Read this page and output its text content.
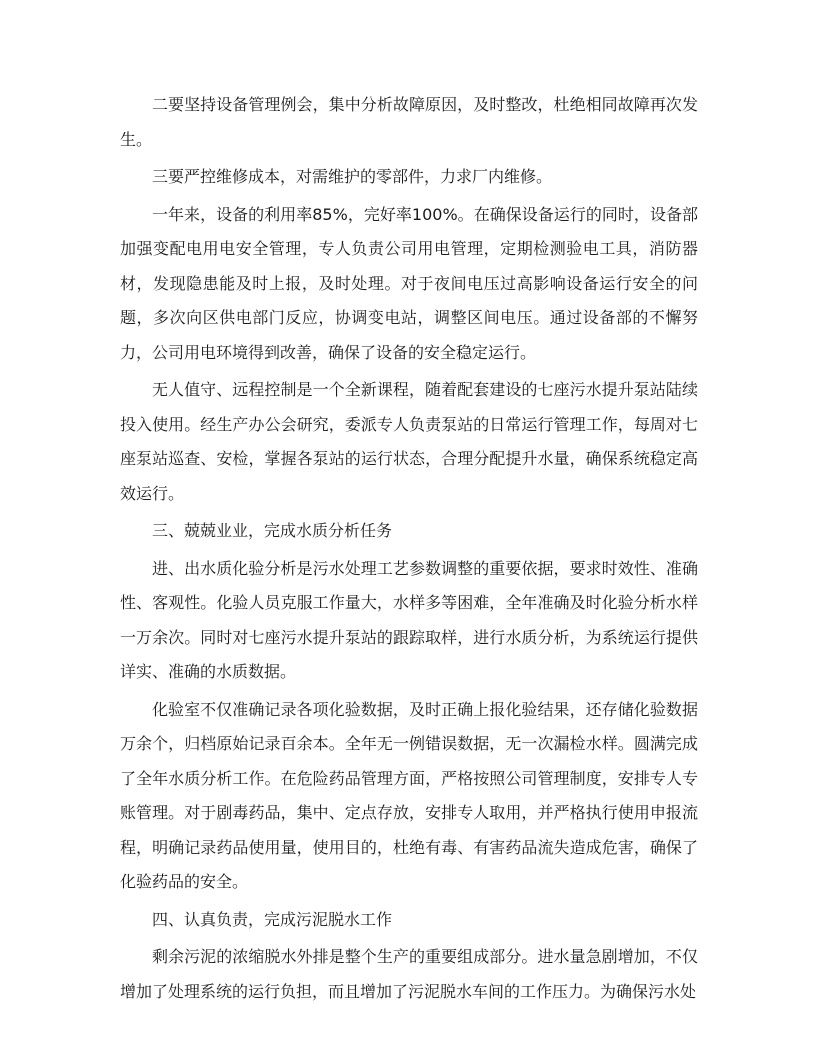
二要坚持设备管理例会，集中分析故障原因，及时整改，杜绝相同故障再次发生。

三要严控维修成本，对需维护的零部件，力求厂内维修。

一年来，设备的利用率85%，完好率100%。在确保设备运行的同时，设备部加强变配电用电安全管理，专人负责公司用电管理，定期检测验电工具，消防器材，发现隐患能及时上报，及时处理。对于夜间电压过高影响设备运行安全的问题，多次向区供电部门反应，协调变电站，调整区间电压。通过设备部的不懈努力，公司用电环境得到改善，确保了设备的安全稳定运行。

无人值守、远程控制是一个全新课程，随着配套建设的七座污水提升泵站陆续投入使用。经生产办公会研究，委派专人负责泵站的日常运行管理工作，每周对七座泵站巡查、安检，掌握各泵站的运行状态，合理分配提升水量，确保系统稳定高效运行。

三、兢兢业业，完成水质分析任务

进、出水质化验分析是污水处理工艺参数调整的重要依据，要求时效性、准确性、客观性。化验人员克服工作量大，水样多等困难，全年准确及时化验分析水样一万余次。同时对七座污水提升泵站的跟踪取样，进行水质分析，为系统运行提供详实、准确的水质数据。

化验室不仅准确记录各项化验数据，及时正确上报化验结果，还存储化验数据万余个，归档原始记录百余本。全年无一例错误数据，无一次漏检水样。圆满完成了全年水质分析工作。在危险药品管理方面，严格按照公司管理制度，安排专人专账管理。对于剧毒药品，集中、定点存放，安排专人取用，并严格执行使用申报流程，明确记录药品使用量，使用目的，杜绝有毒、有害药品流失造成危害，确保了化验药品的安全。

四、认真负责，完成污泥脱水工作

剩余污泥的浓缩脱水外排是整个生产的重要组成部分。进水量急剧增加，不仅增加了处理系统的运行负担，而且增加了污泥脱水车间的工作压力。为确保污水处
